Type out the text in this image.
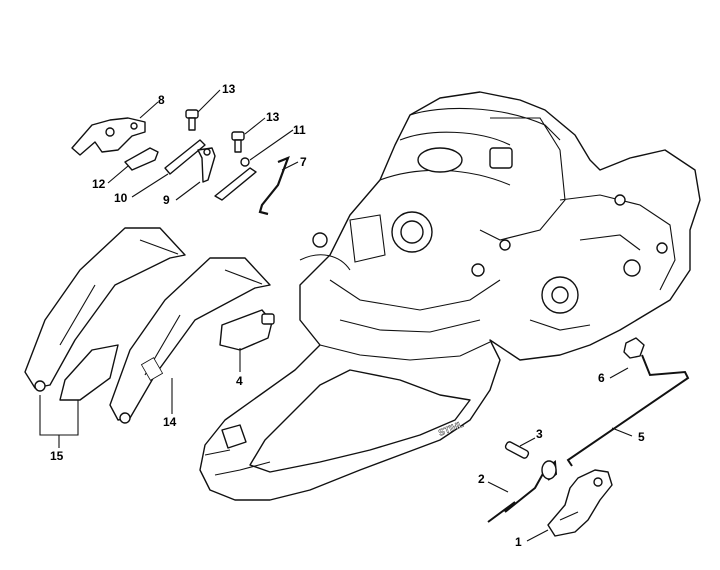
STIHL
1
2
3
4
5
6
7
8
9
10
11
12
13
13
14
15
